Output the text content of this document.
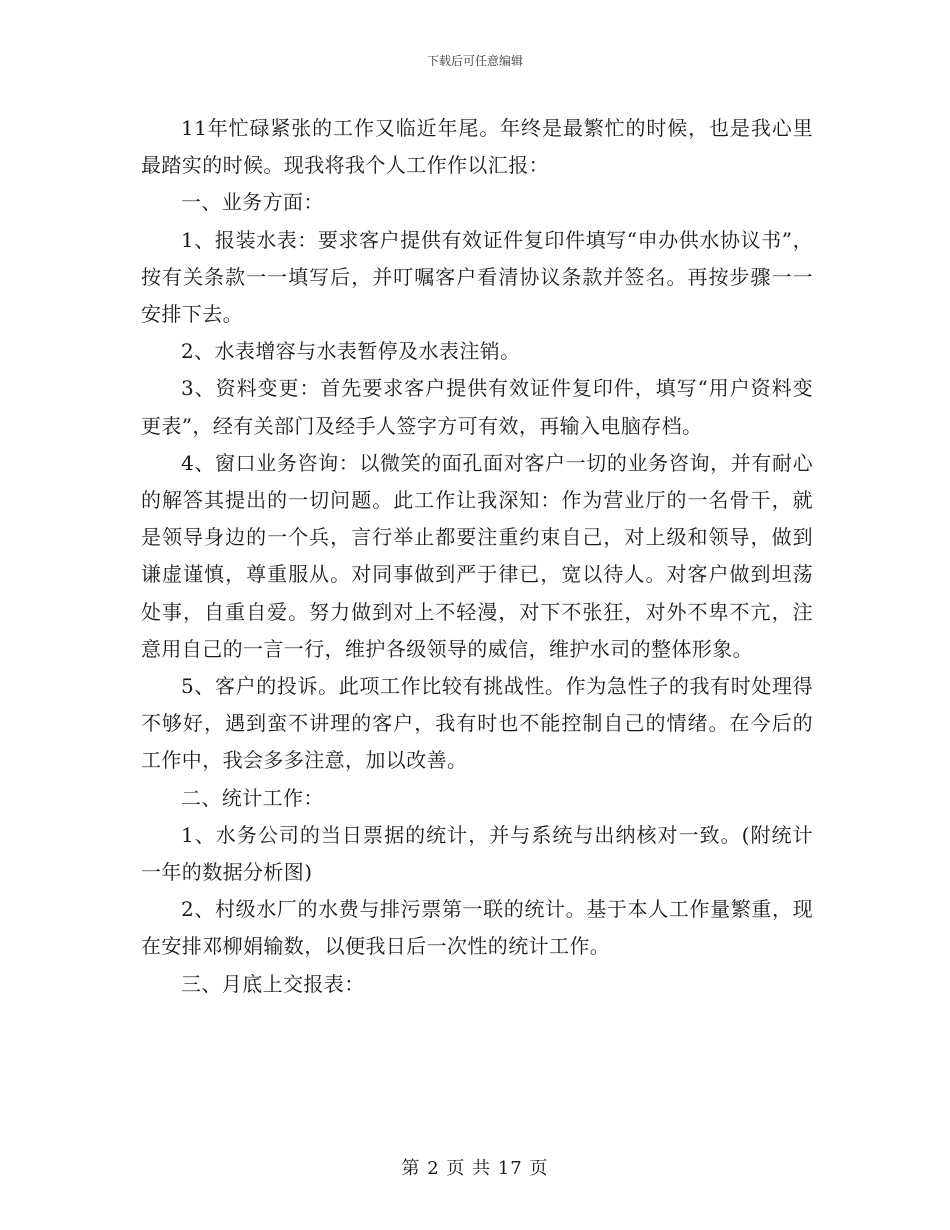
下载后可任意编辑

11年忙碌紧张的工作又临近年尾。年终是最繁忙的时候，也是我心里最踏实的时候。现我将我个人工作作以汇报：

一、业务方面：

1、报装水表：要求客户提供有效证件复印件填写“申办供水协议书”，按有关条款一一填写后，并叮嘱客户看清协议条款并签名。再按步骤一一安排下去。

2、水表增容与水表暂停及水表注销。

3、资料变更：首先要求客户提供有效证件复印件，填写“用户资料变更表”，经有关部门及经手人签字方可有效，再输入电脑存档。

4、窗口业务咨询：以微笑的面孔面对客户一切的业务咨询，并有耐心的解答其提出的一切问题。此工作让我深知：作为营业厅的一名骨干，就是领导身边的一个兵，言行举止都要注重约束自己，对上级和领导，做到谦虚谨慎，尊重服从。对同事做到严于律已，宽以待人。对客户做到坦荡处事，自重自爱。努力做到对上不轻漫，对下不张狂，对外不卑不亢，注意用自己的一言一行，维护各级领导的威信，维护水司的整体形象。

5、客户的投诉。此项工作比较有挑战性。作为急性子的我有时处理得不够好，遇到蛮不讲理的客户，我有时也不能控制自己的情绪。在今后的工作中，我会多多注意，加以改善。

二、统计工作：

1、水务公司的当日票据的统计，并与系统与出纳核对一致。(附统计一年的数据分析图)

2、村级水厂的水费与排污票第一联的统计。基于本人工作量繁重，现在安排邓柳娟输数，以便我日后一次性的统计工作。

三、月底上交报表：

第 2 页 共 17 页
